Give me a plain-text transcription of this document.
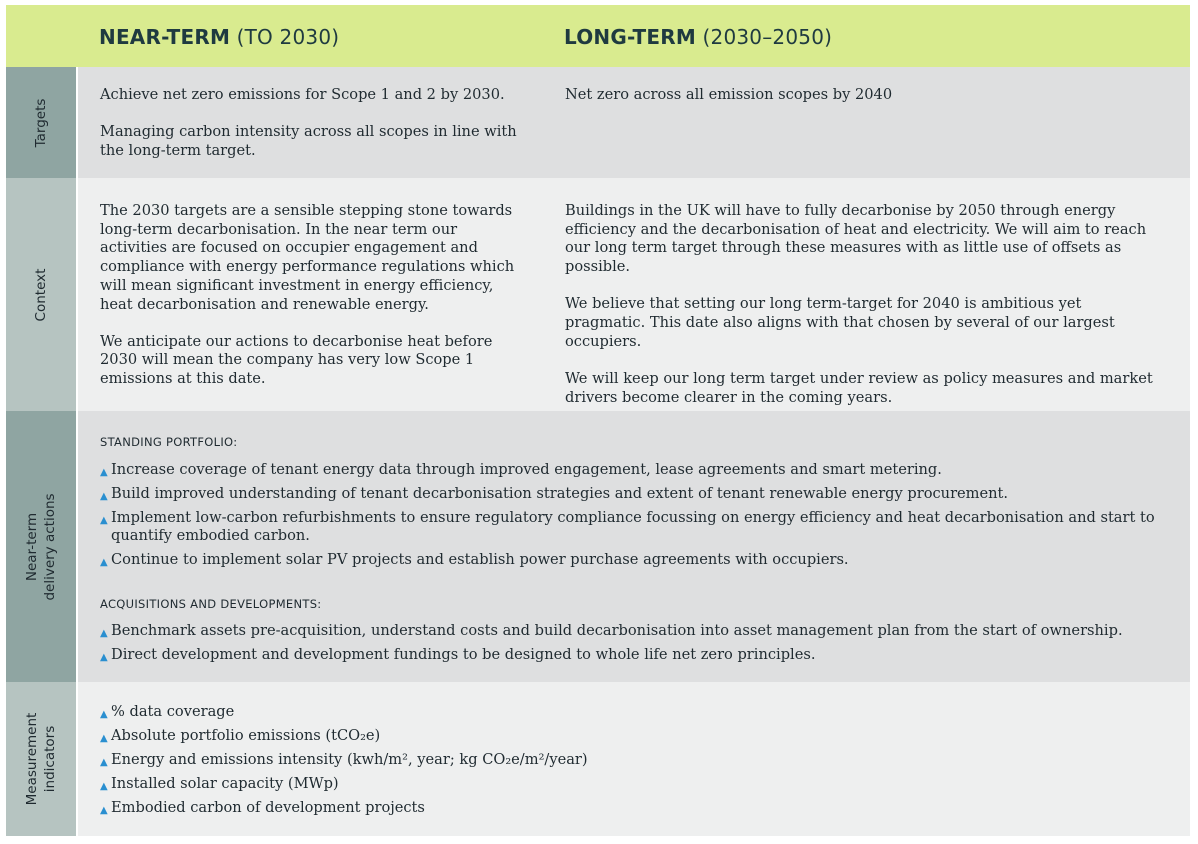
NEAR-TERM (TO 2030)	LONG-TERM (2030–2050)
Targets

Achieve net zero emissions for Scope 1 and 2 by 2030.

Managing carbon intensity across all scopes in line with the long-term target.

Net zero across all emission scopes by 2040

Context

The 2030 targets are a sensible stepping stone towards long-term decarbonisation. In the near term our activities are focused on occupier engagement and compliance with energy performance regulations which will mean significant investment in energy efficiency, heat decarbonisation and renewable energy.

We anticipate our actions to decarbonise heat before 2030 will mean the company has very low Scope 1 emissions at this date.

Buildings in the UK will have to fully decarbonise by 2050 through energy efficiency and the decarbonisation of heat and electricity. We will aim to reach our long term target through these measures with as little use of offsets as possible.

We believe that setting our long term-target for 2040 is ambitious yet pragmatic. This date also aligns with that chosen by several of our largest occupiers.

We will keep our long term target under review as policy measures and market drivers become clearer in the coming years.

Near-term
delivery actions
STANDING PORTFOLIO:
▲ Increase coverage of tenant energy data through improved engagement, lease agreements and smart metering.
▲ Build improved understanding of tenant decarbonisation strategies and extent of tenant renewable energy procurement.
▲ Implement low-carbon refurbishments to ensure regulatory compliance focussing on energy efficiency and heat decarbonisation and start to quantify embodied carbon.
▲ Continue to implement solar PV projects and establish power purchase agreements with occupiers.
ACQUISITIONS AND DEVELOPMENTS:
▲ Benchmark assets pre-acquisition, understand costs and build decarbonisation into asset management plan from the start of ownership.
▲ Direct development and development fundings to be designed to whole life net zero principles.
Measurement
indicators
▲ % data coverage
▲ Absolute portfolio emissions (tCO₂e)
▲ Energy and emissions intensity (kwh/m², year; kg CO₂e/m²/year)
▲ Installed solar capacity (MWp)
▲ Embodied carbon of development projects
